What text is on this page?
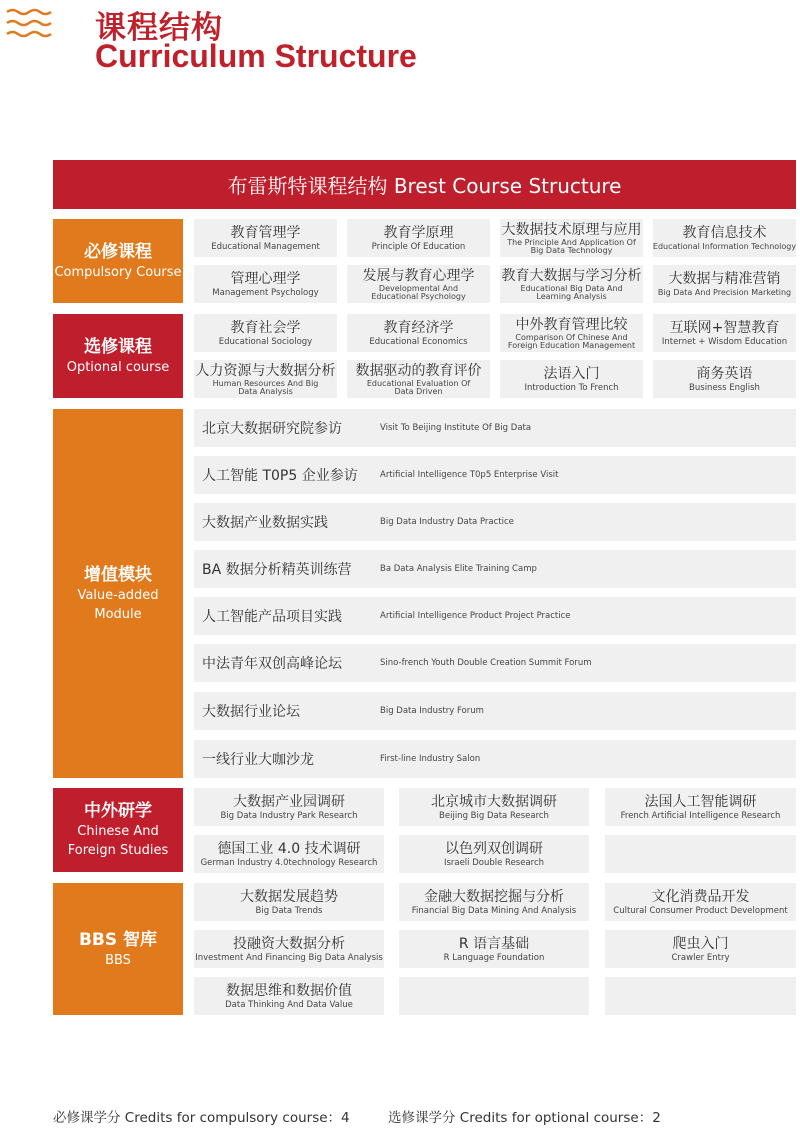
课程结构
Curriculum Structure
布雷斯特课程结构 Brest Course Structure
必修课程
Compulsory Course
教育管理学
Educational Management
教育学原理
Principle Of Education
大数据技术原理与应用
The Principle And Application Of Big Data Technology
教育信息技术
Educational Information Technology
管理心理学
Management Psychology
发展与教育心理学
Developmental And Educational Psychology
教育大数据与学习分析
Educational Big Data And Learning Analysis
大数据与精准营销
Big Data And Precision Marketing
选修课程
Optional course
教育社会学
Educational Sociology
教育经济学
Educational Economics
中外教育管理比较
Comparison Of Chinese And Foreign Education Management
互联网+智慧教育
Internet + Wisdom Education
人力资源与大数据分析
Human Resources And Big Data Analysis
数据驱动的教育评价
Educational Evaluation Of Data Driven
法语入门
Introduction To French
商务英语
Business English
增值模块
Value-added Module
北京大数据研究院参访	Visit To Beijing Institute Of Big Data
人工智能 T0P5 企业参访	Artificial Intelligence T0p5 Enterprise Visit
大数据产业数据实践	Big Data Industry Data Practice
BA 数据分析精英训练营	Ba Data Analysis Elite Training Camp
人工智能产品项目实践	Artificial Intelligence Product Project Practice
中法青年双创高峰论坛	Sino-french Youth Double Creation Summit Forum
大数据行业论坛	Big Data Industry Forum
一线行业大咖沙龙	First-line Industry Salon
中外研学
Chinese And Foreign Studies
大数据产业园调研
Big Data Industry Park Research
北京城市大数据调研
Beijing Big Data Research
法国人工智能调研
French Artificial Intelligence Research
德国工业 4.0 技术调研
German Industry 4.0technology Research
以色列双创调研
Israeli Double Research
BBS 智库
BBS
大数据发展趋势
Big Data Trends
金融大数据挖掘与分析
Financial Big Data Mining And Analysis
文化消费品开发
Cultural Consumer Product Development
投融资大数据分析
Investment And Financing Big Data Analysis
R 语言基础
R Language Foundation
爬虫入门
Crawler Entry
数据思维和数据价值
Data Thinking And Data Value
必修课学分 Credits for compulsory course：4	选修课学分 Credits for optional course：2
